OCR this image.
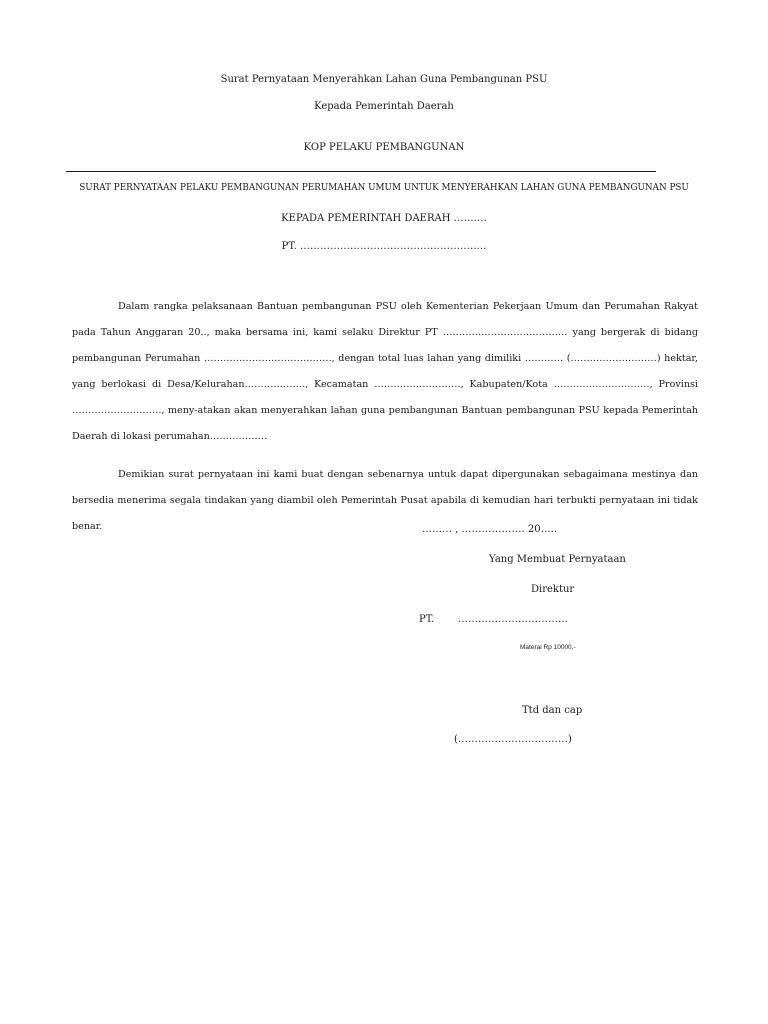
Surat Pernyataan Menyerahkan Lahan Guna Pembangunan PSU
Kepada Pemerintah Daerah
KOP PELAKU PEMBANGUNAN
SURAT PERNYATAAN PELAKU PEMBANGUNAN PERUMAHAN UMUM UNTUK MENYERAHKAN LAHAN GUNA PEMBANGUNAN PSU
KEPADA PEMERINTAH DAERAH ……….
PT. ………………………………………………..
Dalam rangka pelaksanaan Bantuan pembangunan PSU oleh Kementerian Pekerjaan Umum dan Perumahan Rakyat pada Tahun Anggaran 20.., maka bersama ini, kami selaku Direktur PT ………………………………… yang bergerak di bidang pembangunan Perumahan …………………………………., dengan total luas lahan yang dimiliki ………… (………………………) hektar, yang berlokasi di Desa/Kelurahan………………., Kecamatan ………………………, Kabupaten/Kota …………………………, Provinsi ………………………., meny-atakan akan menyerahkan lahan guna pembangunan Bantuan pembangunan PSU kepada Pemerintah Daerah di lokasi perumahan………………
Demikian surat pernyataan ini kami buat dengan sebenarnya untuk dapat dipergunakan sebagaimana mestinya dan bersedia menerima segala tindakan yang diambil oleh Pemerintah Pusat apabila di kemudian hari terbukti pernyataan ini tidak benar.	……… , ………………. 20…..
Yang Membuat Pernyataan
Direktur
PT. ……………………………
Materai Rp 10000,-
Ttd dan cap
(……………………………)
